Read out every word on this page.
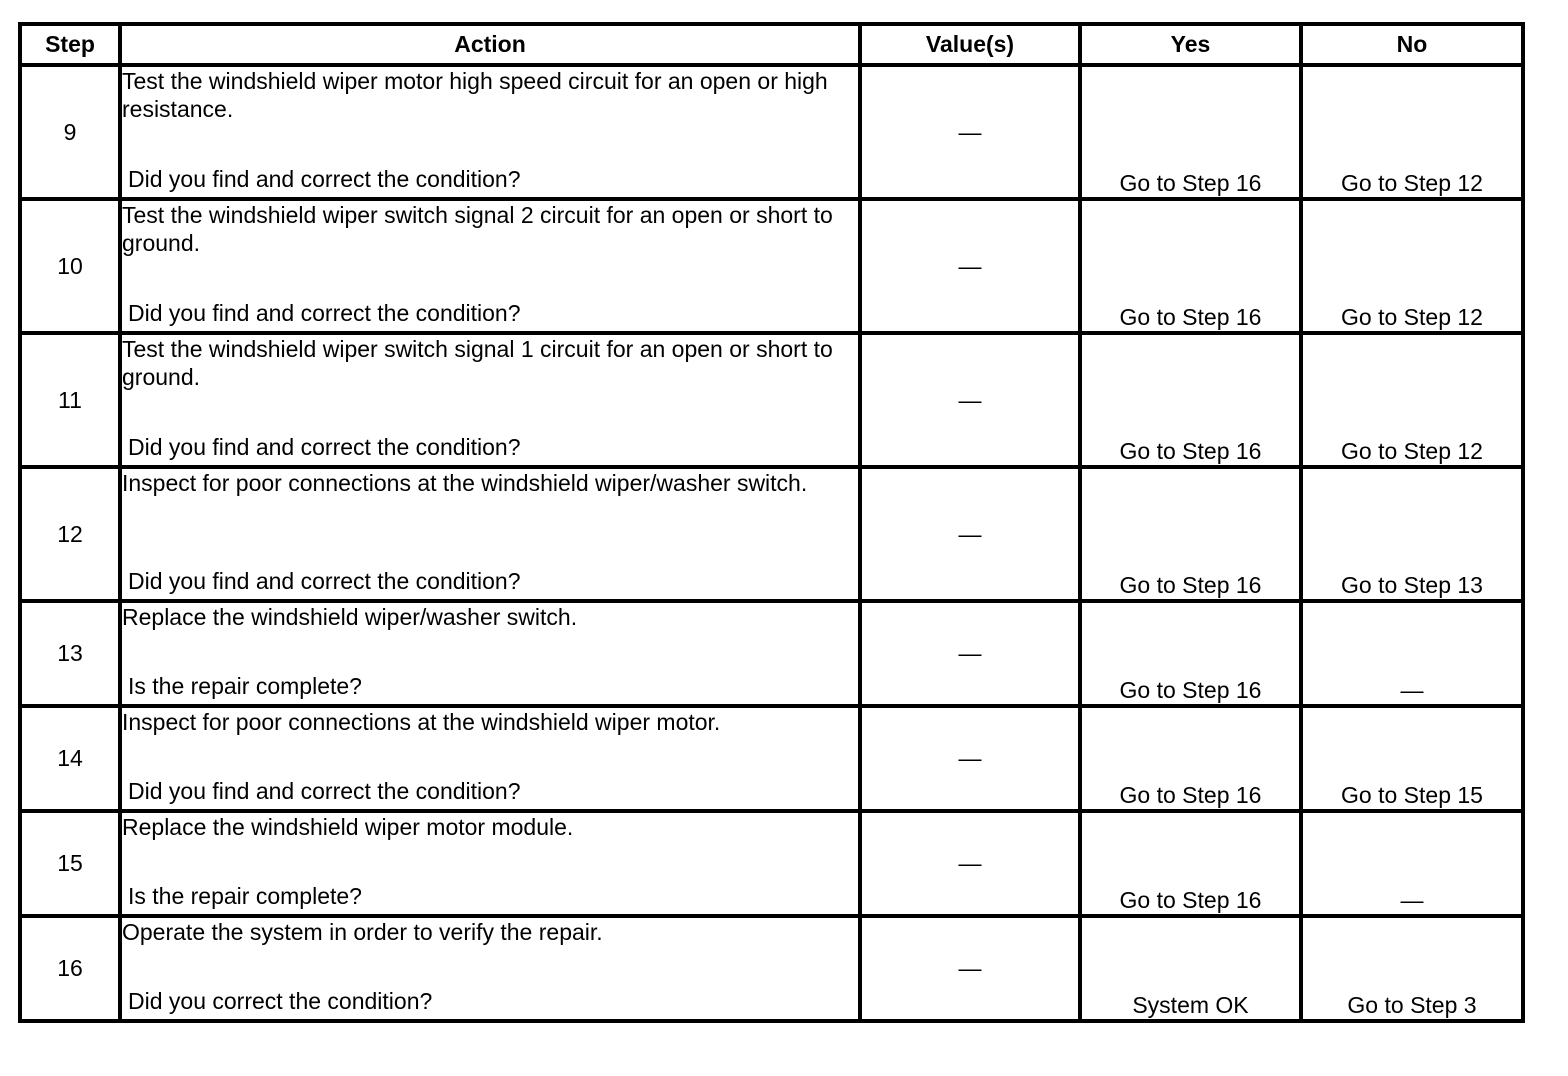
Step	Action	Value(s)	Yes	No
9	Test the windshield wiper motor high speed circuit for an open or high resistance.
Did you find and correct the condition?	—	Go to Step 16	Go to Step 12
10	Test the windshield wiper switch signal 2 circuit for an open or short to ground.
Did you find and correct the condition?	—	Go to Step 16	Go to Step 12
11	Test the windshield wiper switch signal 1 circuit for an open or short to ground.
Did you find and correct the condition?	—	Go to Step 16	Go to Step 12
12	Inspect for poor connections at the windshield wiper/washer switch.
Did you find and correct the condition?	—	Go to Step 16	Go to Step 13
13	Replace the windshield wiper/washer switch.
Is the repair complete?	—	Go to Step 16	—
14	Inspect for poor connections at the windshield wiper motor.
Did you find and correct the condition?	—	Go to Step 16	Go to Step 15
15	Replace the windshield wiper motor module.
Is the repair complete?	—	Go to Step 16	—
16	Operate the system in order to verify the repair.
Did you correct the condition?	—	System OK	Go to Step 3
